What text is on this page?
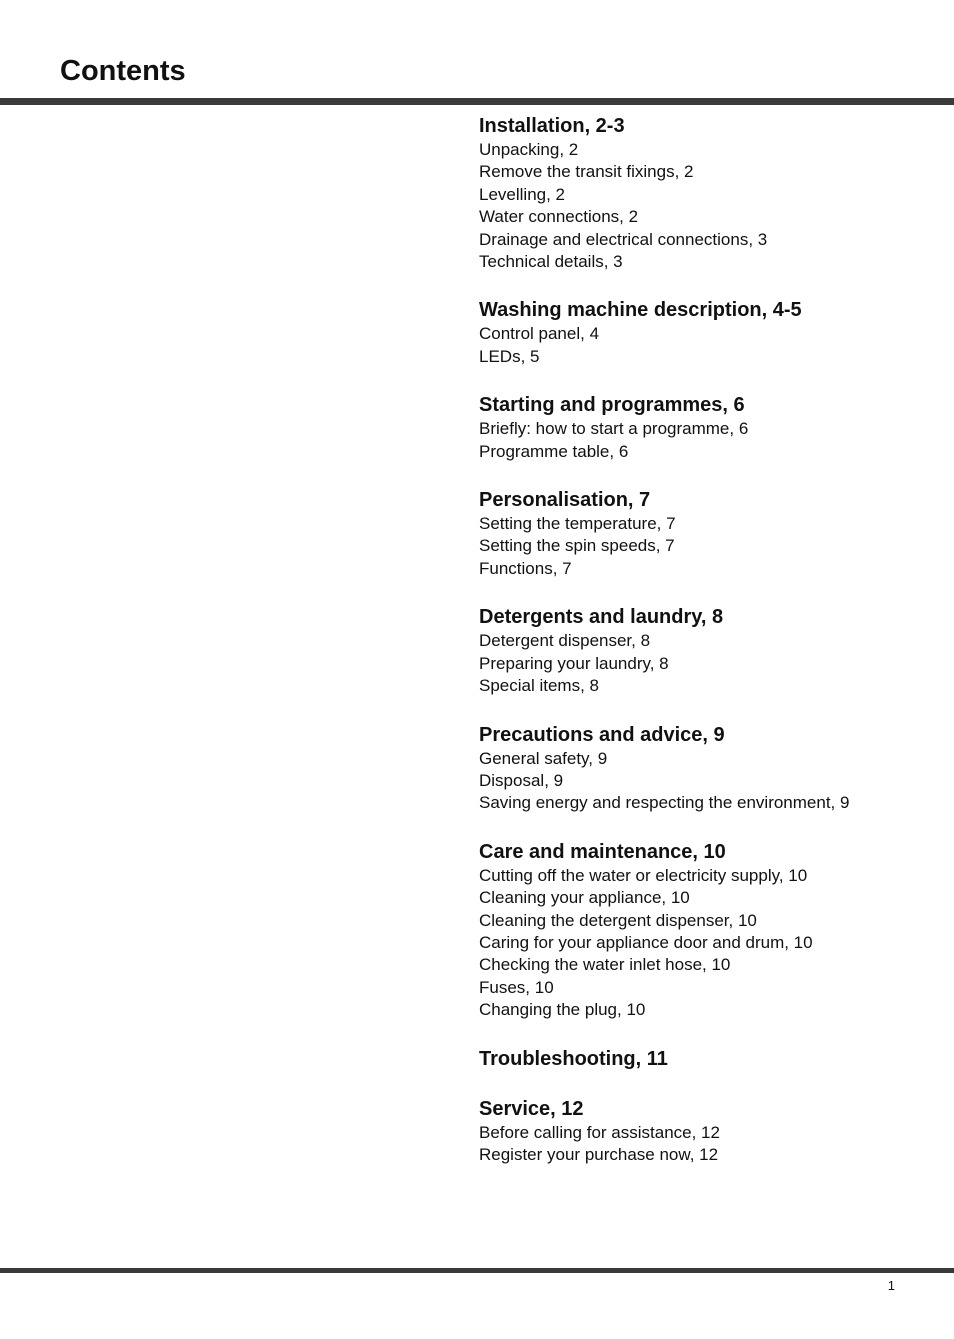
Contents
Installation, 2-3
Unpacking, 2
Remove the transit fixings, 2
Levelling, 2
Water connections, 2
Drainage and electrical connections, 3
Technical details, 3
Washing machine description, 4-5
Control panel, 4
LEDs, 5
Starting and programmes, 6
Briefly: how to start a programme, 6
Programme table, 6
Personalisation, 7
Setting the temperature, 7
Setting the spin speeds, 7
Functions, 7
Detergents and laundry, 8
Detergent dispenser, 8
Preparing your laundry, 8
Special items, 8
Precautions and advice, 9
General safety, 9
Disposal, 9
Saving energy and respecting the environment, 9
Care and maintenance, 10
Cutting off the water or electricity supply, 10
Cleaning your appliance, 10
Cleaning the detergent dispenser, 10
Caring for your appliance door and drum, 10
Checking the water inlet hose, 10
Fuses, 10
Changing the plug, 10
Troubleshooting, 11
Service, 12
Before calling for assistance, 12
Register your purchase now, 12
1
